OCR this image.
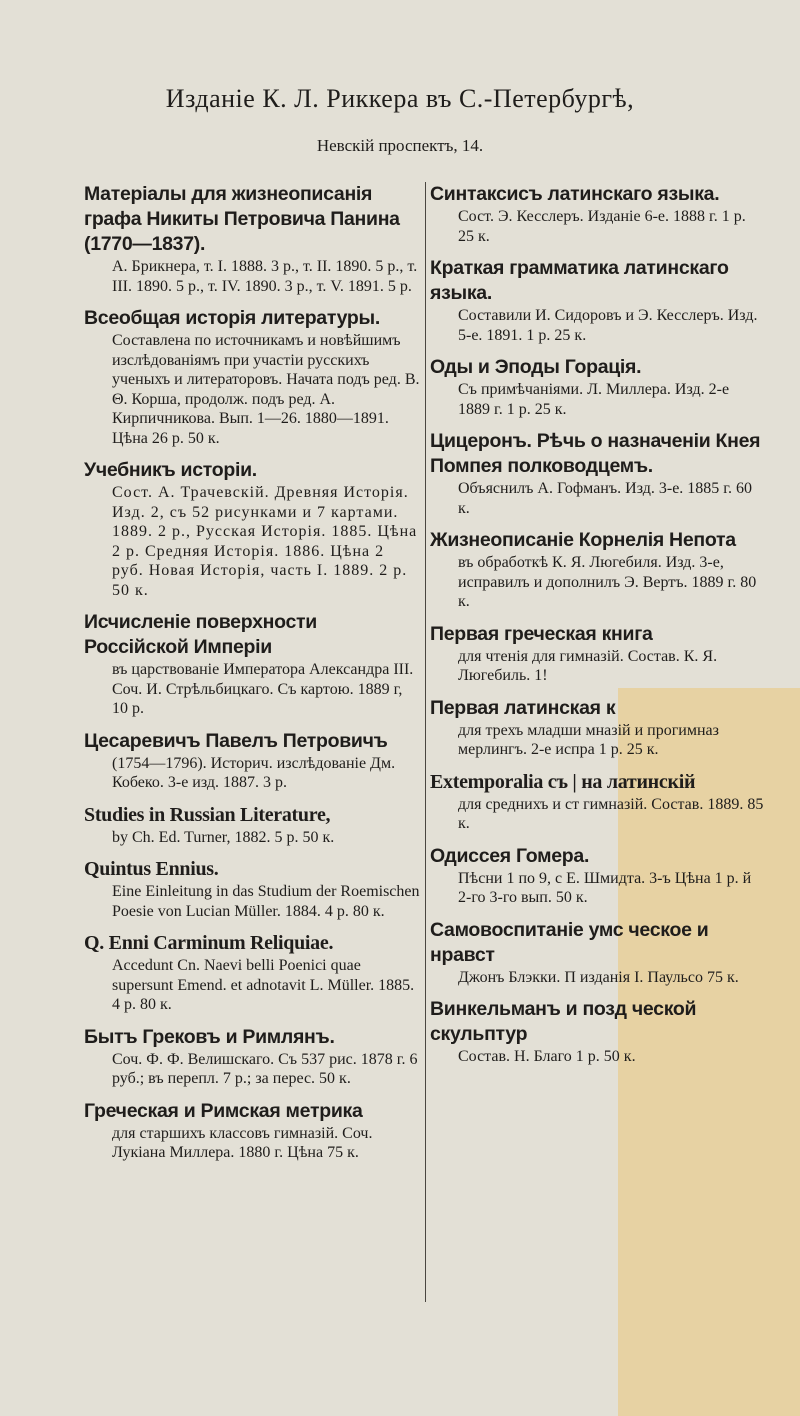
Изданіе К. Л. Риккера въ С.-Петербургѣ,
Невскій проспектъ, 14.
Матеріалы для жизнеописанія графа Никиты Петровича Панина (1770—1837).
А. Брикнера, т. I. 1888. 3 р., т. II. 1890. 5 р., т. III. 1890. 5 р., т. IV. 1890. 3 р., т. V. 1891. 5 р.
Всеобщая исторія литературы.
Составлена по источникамъ и новѣйшимъ изслѣдованіямъ при участіи русскихъ ученыхъ и литераторовъ. Начата подъ ред. В. Θ. Корша, продолж. подъ ред. А. Кирпичникова. Вып. 1—26. 1880—1891. Цѣна 26 р. 50 к.
Учебникъ исторіи.
Сост. А. Трачевскій. Древняя Исторія. Изд. 2, съ 52 рисунками и 7 картами. 1889. 2 р., Русская Исторія. 1885. Цѣна 2 р. Средняя Исторія. 1886. Цѣна 2 руб. Новая Исторія, часть I. 1889. 2 р. 50 к.
Исчисленіе поверхности Россійской Имперіи
въ царствованіе Императора Александра III. Соч. И. Стрѣльбицкаго. Съ картою. 1889 г, 10 р.
Цесаревичъ Павелъ Петровичъ
(1754—1796). Историч. изслѣдованіе Дм. Кобеко. 3-е изд. 1887. 3 р.
Studies in Russian Literature,
by Ch. Ed. Turner, 1882. 5 р. 50 к.
Quintus Ennius.
Eine Einleitung in das Studium der Roemischen Poesie von Lucian Müller. 1884. 4 р. 80 к.
Q. Enni Carminum Reliquiae.
Accedunt Cn. Naevi belli Poenici quae supersunt Emend. et adnotavit L. Müller. 1885. 4 р. 80 к.
Бытъ Грековъ и Римлянъ.
Соч. Ф. Ф. Велишскаго. Съ 537 рис. 1878 г. 6 руб.; въ перепл. 7 р.; за перес. 50 к.
Греческая и Римская метрика
для старшихъ классовъ гимназій. Соч. Лукіана Миллера. 1880 г. Цѣна 75 к.
Синтаксисъ латинскаго языка.
Сост. Э. Кесслеръ. Изданіе 6-е. 1888 г. 1 р. 25 к.
Краткая грамматика латинскаго языка.
Составили И. Сидоровъ и Э. Кесслеръ. Изд. 5-е. 1891. 1 р. 25 к.
Оды и Эподы Горація.
Съ примѣчаніями. Л. Миллера. Изд. 2-е 1889 г. 1 р. 25 к.
Цицеронъ. Рѣчь о назначеніи Кнея Помпея полководцемъ.
Объяснилъ А. Гофманъ. Изд. 3-е. 1885 г. 60 к.
Жизнеописаніе Корнелія Непота
въ обработкѣ К. Я. Люгебиля. Изд. 3-е, исправилъ и дополнилъ Э. Вертъ. 1889 г. 80 к.
Первая греческая книга
для чтенія для гимназій. Состав. К. Я. Люгебиль. 1!
Первая латинская к
для трехъ младши мназій и прогимназ мерлингъ. 2-е испра 1 р. 25 к.
Extemporalia съ | на латинскій
для среднихъ и ст гимназій. Состав. 1889. 85 к.
Одиссея Гомера.
Пѣсни 1 по 9, с Е. Шмидта. 3-ъ Цѣна 1 р. й 2-го 3-го вып. 50 к.
Самовоспитаніе умс ческое и нравст
Джонъ Блэкки. П изданія I. Паульсо 75 к.
Винкельманъ и позд ческой скульптур
Состав. Н. Благо 1 р. 50 к.
